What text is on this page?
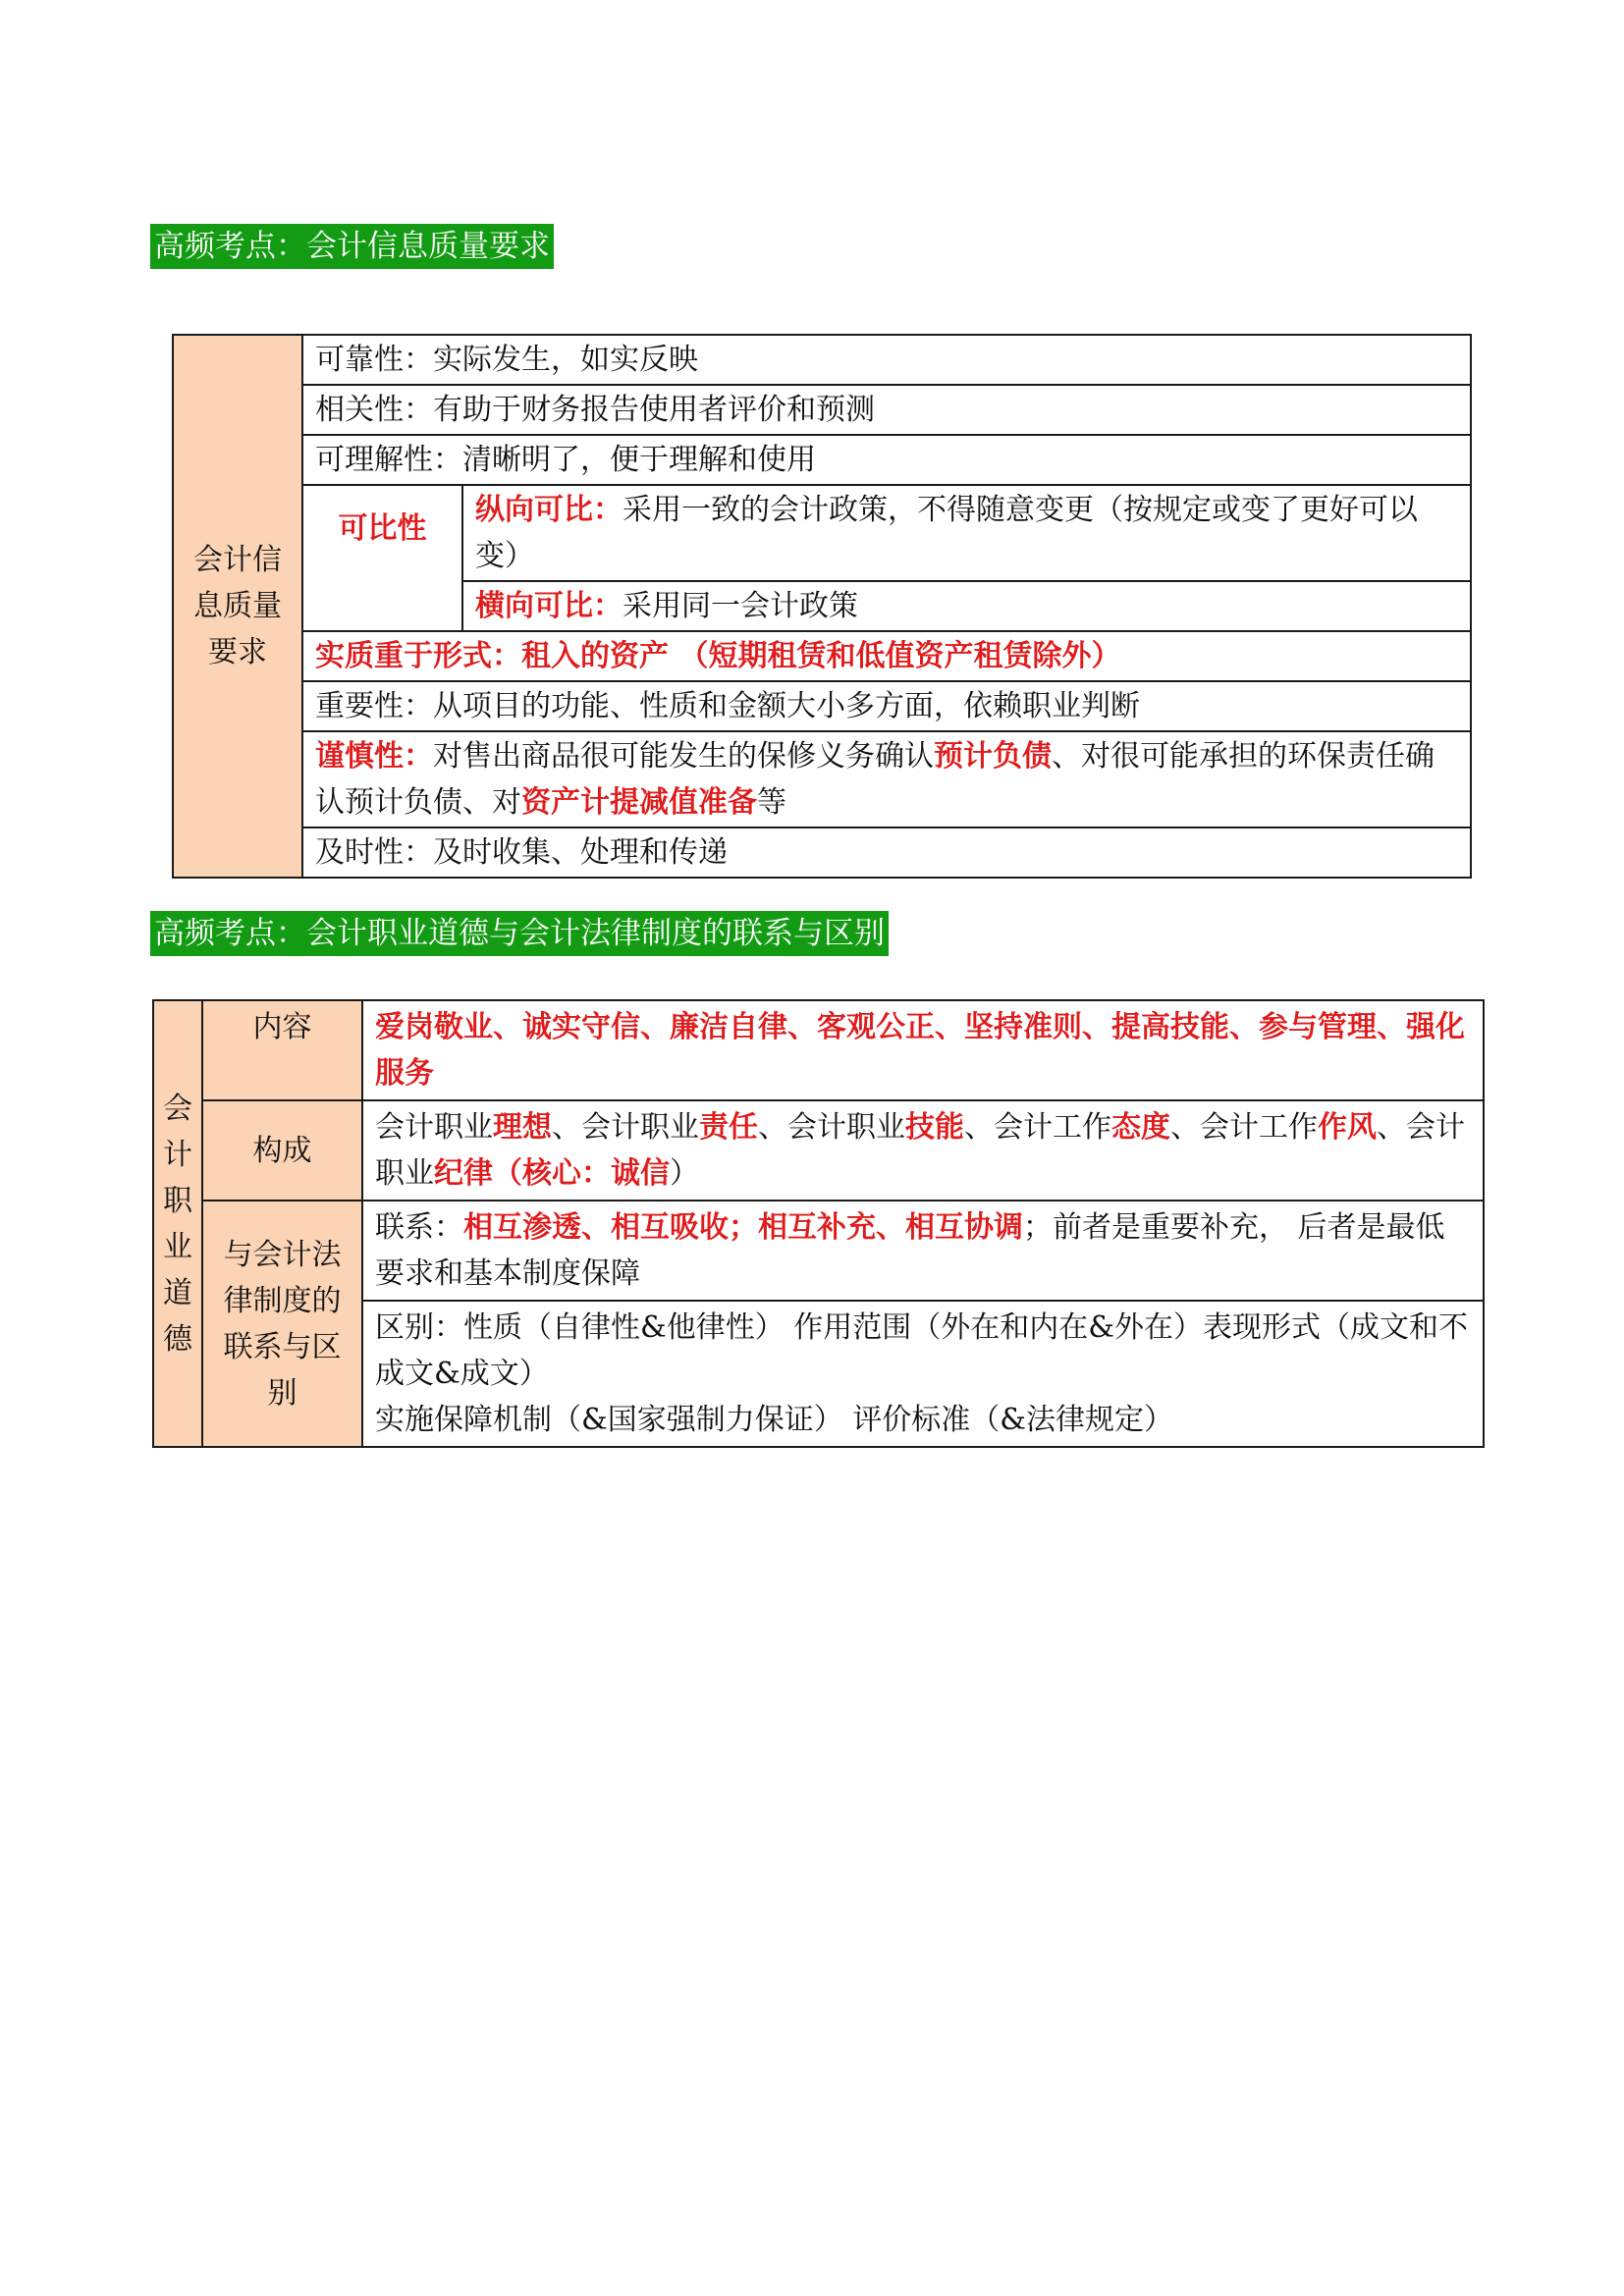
高频考点：会计信息质量要求
会计信息质量要求	可靠性：实际发生，如实反映	
	相关性：有助于财务报告使用者评价和预测	
	可理解性：清晰明了，便于理解和使用	
	可比性	纵向可比：采用一致的会计政策，不得随意变更（按规定或变了更好可以变）
		横向可比：采用同一会计政策
	实质重于形式：租入的资产 （短期租赁和低值资产租赁除外）	
	重要性：从项目的功能、性质和金额大小多方面，依赖职业判断	
	谨慎性：对售出商品很可能发生的保修义务确认预计负债、对很可能承担的环保责任确认预计负债、对资产计提减值准备等	
	及时性：及时收集、处理和传递	
高频考点：会计职业道德与会计法律制度的联系与区别
会计职业道德	内容	爱岗敬业、诚实守信、廉洁自律、客观公正、坚持准则、提高技能、参与管理、强化服务
	构成	会计职业理想、会计职业责任、会计职业技能、会计工作态度、会计工作作风、会计职业纪律（核心：诚信）

	与会计法律制度的联系与区别	联系：相互渗透、相互吸收；相互补充、相互协调；前者是重要补充， 后者是最低要求和基本制度保障

		区别：性质（自律性&他律性） 作用范围（外在和内在&外在）表现形式（成文和不成文&成文）
实施保障机制（&国家强制力保证） 评价标准（&法律规定）
